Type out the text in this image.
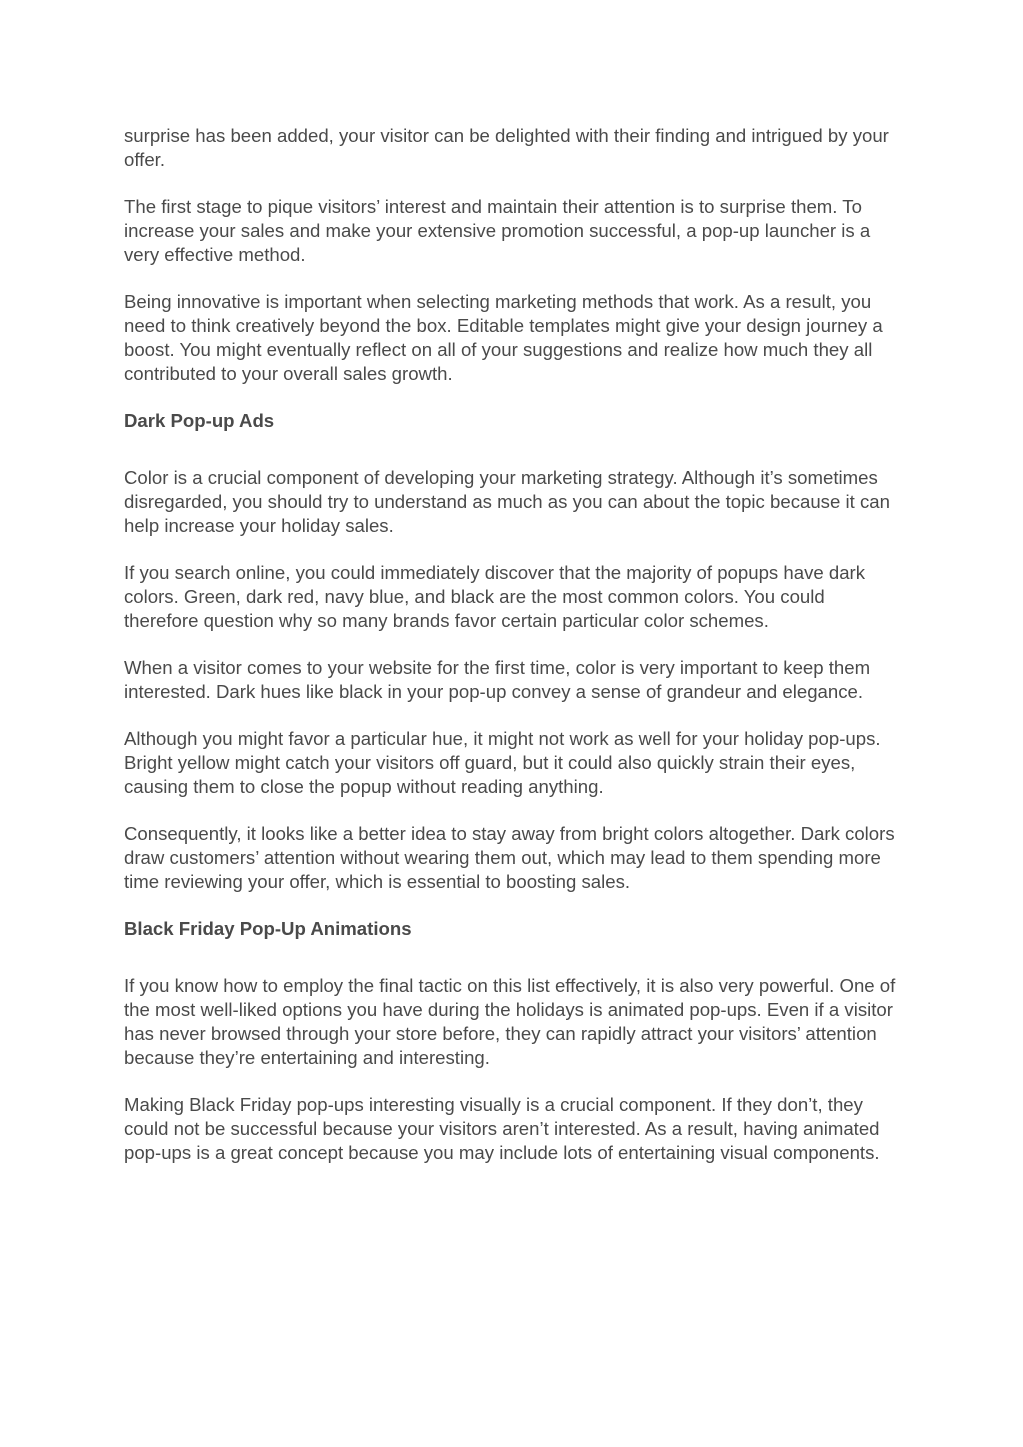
surprise has been added, your visitor can be delighted with their finding and intrigued by your offer.

The first stage to pique visitors’ interest and maintain their attention is to surprise them. To increase your sales and make your extensive promotion successful, a pop-up launcher is a very effective method.

Being innovative is important when selecting marketing methods that work. As a result, you need to think creatively beyond the box. Editable templates might give your design journey a boost. You might eventually reflect on all of your suggestions and realize how much they all contributed to your overall sales growth.

Dark Pop-up Ads

Color is a crucial component of developing your marketing strategy. Although it’s sometimes disregarded, you should try to understand as much as you can about the topic because it can help increase your holiday sales.

If you search online, you could immediately discover that the majority of popups have dark colors. Green, dark red, navy blue, and black are the most common colors. You could therefore question why so many brands favor certain particular color schemes.

When a visitor comes to your website for the first time, color is very important to keep them interested. Dark hues like black in your pop-up convey a sense of grandeur and elegance.

Although you might favor a particular hue, it might not work as well for your holiday pop-ups. Bright yellow might catch your visitors off guard, but it could also quickly strain their eyes, causing them to close the popup without reading anything.

Consequently, it looks like a better idea to stay away from bright colors altogether. Dark colors draw customers’ attention without wearing them out, which may lead to them spending more time reviewing your offer, which is essential to boosting sales.

Black Friday Pop-Up Animations

If you know how to employ the final tactic on this list effectively, it is also very powerful. One of the most well-liked options you have during the holidays is animated pop-ups. Even if a visitor has never browsed through your store before, they can rapidly attract your visitors’ attention because they’re entertaining and interesting.

Making Black Friday pop-ups interesting visually is a crucial component. If they don’t, they could not be successful because your visitors aren’t interested. As a result, having animated pop-ups is a great concept because you may include lots of entertaining visual components.
